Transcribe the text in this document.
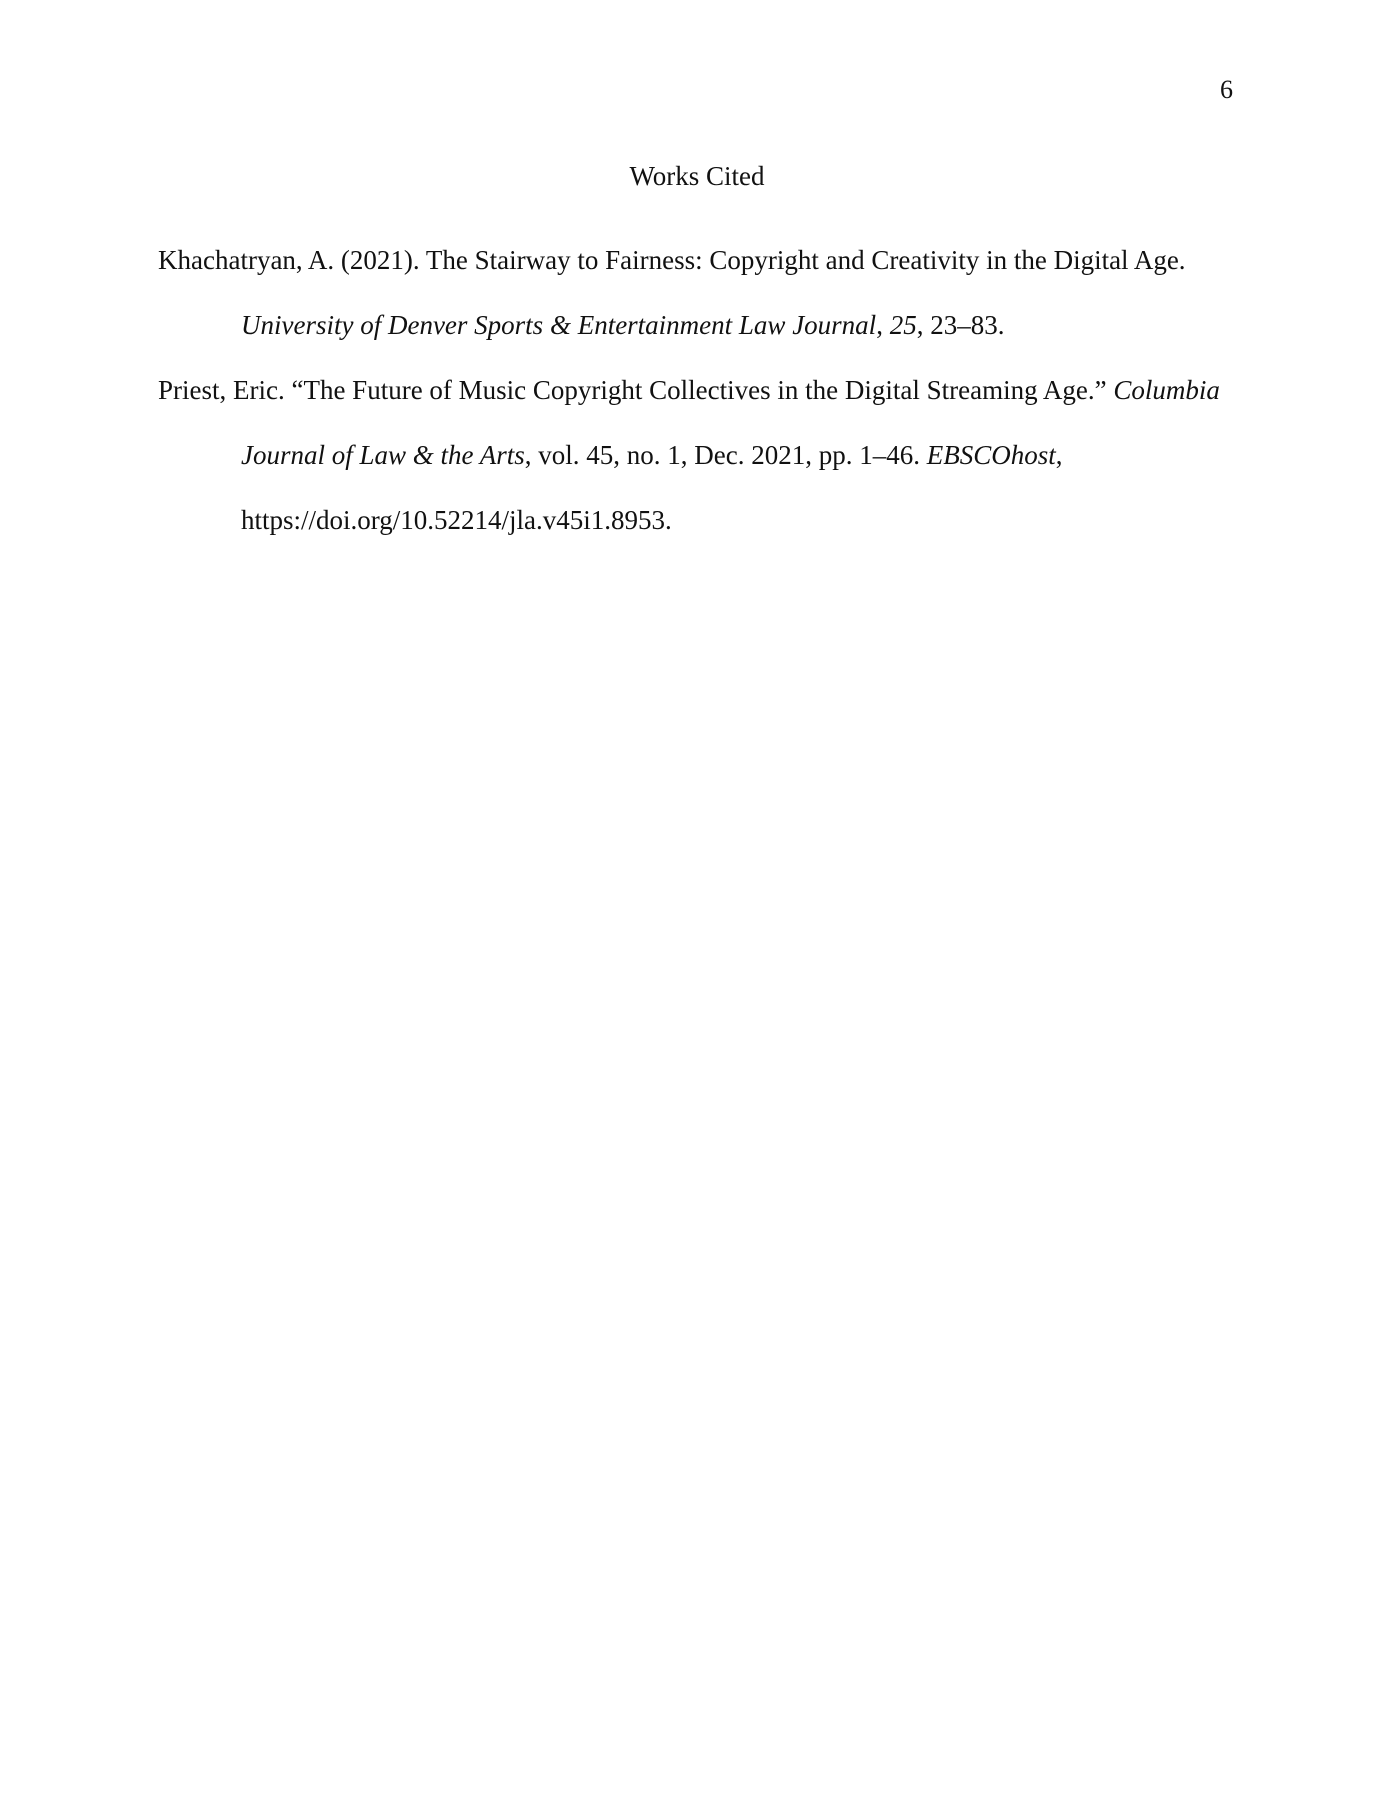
6
Works Cited

Khachatryan, A. (2021). The Stairway to Fairness: Copyright and Creativity in the Digital Age. University of Denver Sports & Entertainment Law Journal, 25, 23–83.

Priest, Eric. “The Future of Music Copyright Collectives in the Digital Streaming Age.” Columbia Journal of Law & the Arts, vol. 45, no. 1, Dec. 2021, pp. 1–46. EBSCOhost, https://doi.org/10.52214/jla.v45i1.8953.
